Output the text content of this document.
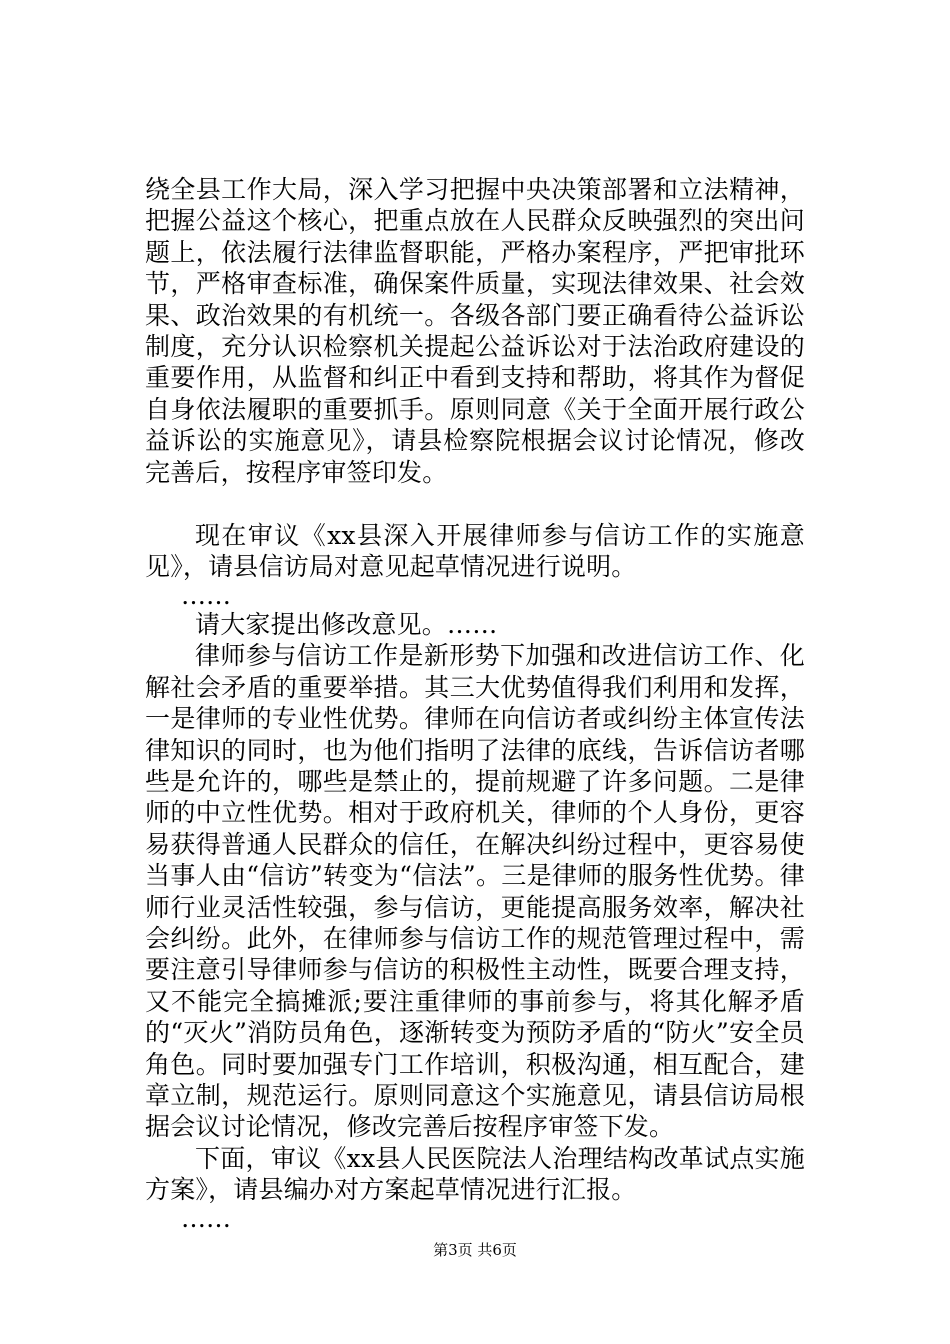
绕全县工作大局，深入学习把握中央决策部署和立法精神，把握公益这个核心，把重点放在人民群众反映强烈的突出问题上，依法履行法律监督职能，严格办案程序，严把审批环节，严格审查标准，确保案件质量，实现法律效果、社会效果、政治效果的有机统一。各级各部门要正确看待公益诉讼制度，充分认识检察机关提起公益诉讼对于法治政府建设的重要作用，从监督和纠正中看到支持和帮助，将其作为督促自身依法履职的重要抓手。原则同意《关于全面开展行政公益诉讼的实施意见》，请县检察院根据会议讨论情况，修改完善后，按程序审签印发。

现在审议《xx县深入开展律师参与信访工作的实施意见》，请县信访局对意见起草情况进行说明。

……

请大家提出修改意见。……

律师参与信访工作是新形势下加强和改进信访工作、化解社会矛盾的重要举措。其三大优势值得我们利用和发挥，一是律师的专业性优势。律师在向信访者或纠纷主体宣传法律知识的同时，也为他们指明了法律的底线，告诉信访者哪些是允许的，哪些是禁止的，提前规避了许多问题。二是律师的中立性优势。相对于政府机关，律师的个人身份，更容易获得普通人民群众的信任，在解决纠纷过程中，更容易使当事人由“信访”转变为“信法”。三是律师的服务性优势。律师行业灵活性较强，参与信访，更能提高服务效率，解决社会纠纷。此外，在律师参与信访工作的规范管理过程中，需要注意引导律师参与信访的积极性主动性，既要合理支持，又不能完全搞摊派;要注重律师的事前参与，将其化解矛盾的“灭火”消防员角色，逐渐转变为预防矛盾的“防火”安全员角色。同时要加强专门工作培训，积极沟通，相互配合，建章立制，规范运行。原则同意这个实施意见，请县信访局根据会议讨论情况，修改完善后按程序审签下发。

下面，审议《xx县人民医院法人治理结构改革试点实施方案》，请县编办对方案起草情况进行汇报。

……

第3页 共6页
